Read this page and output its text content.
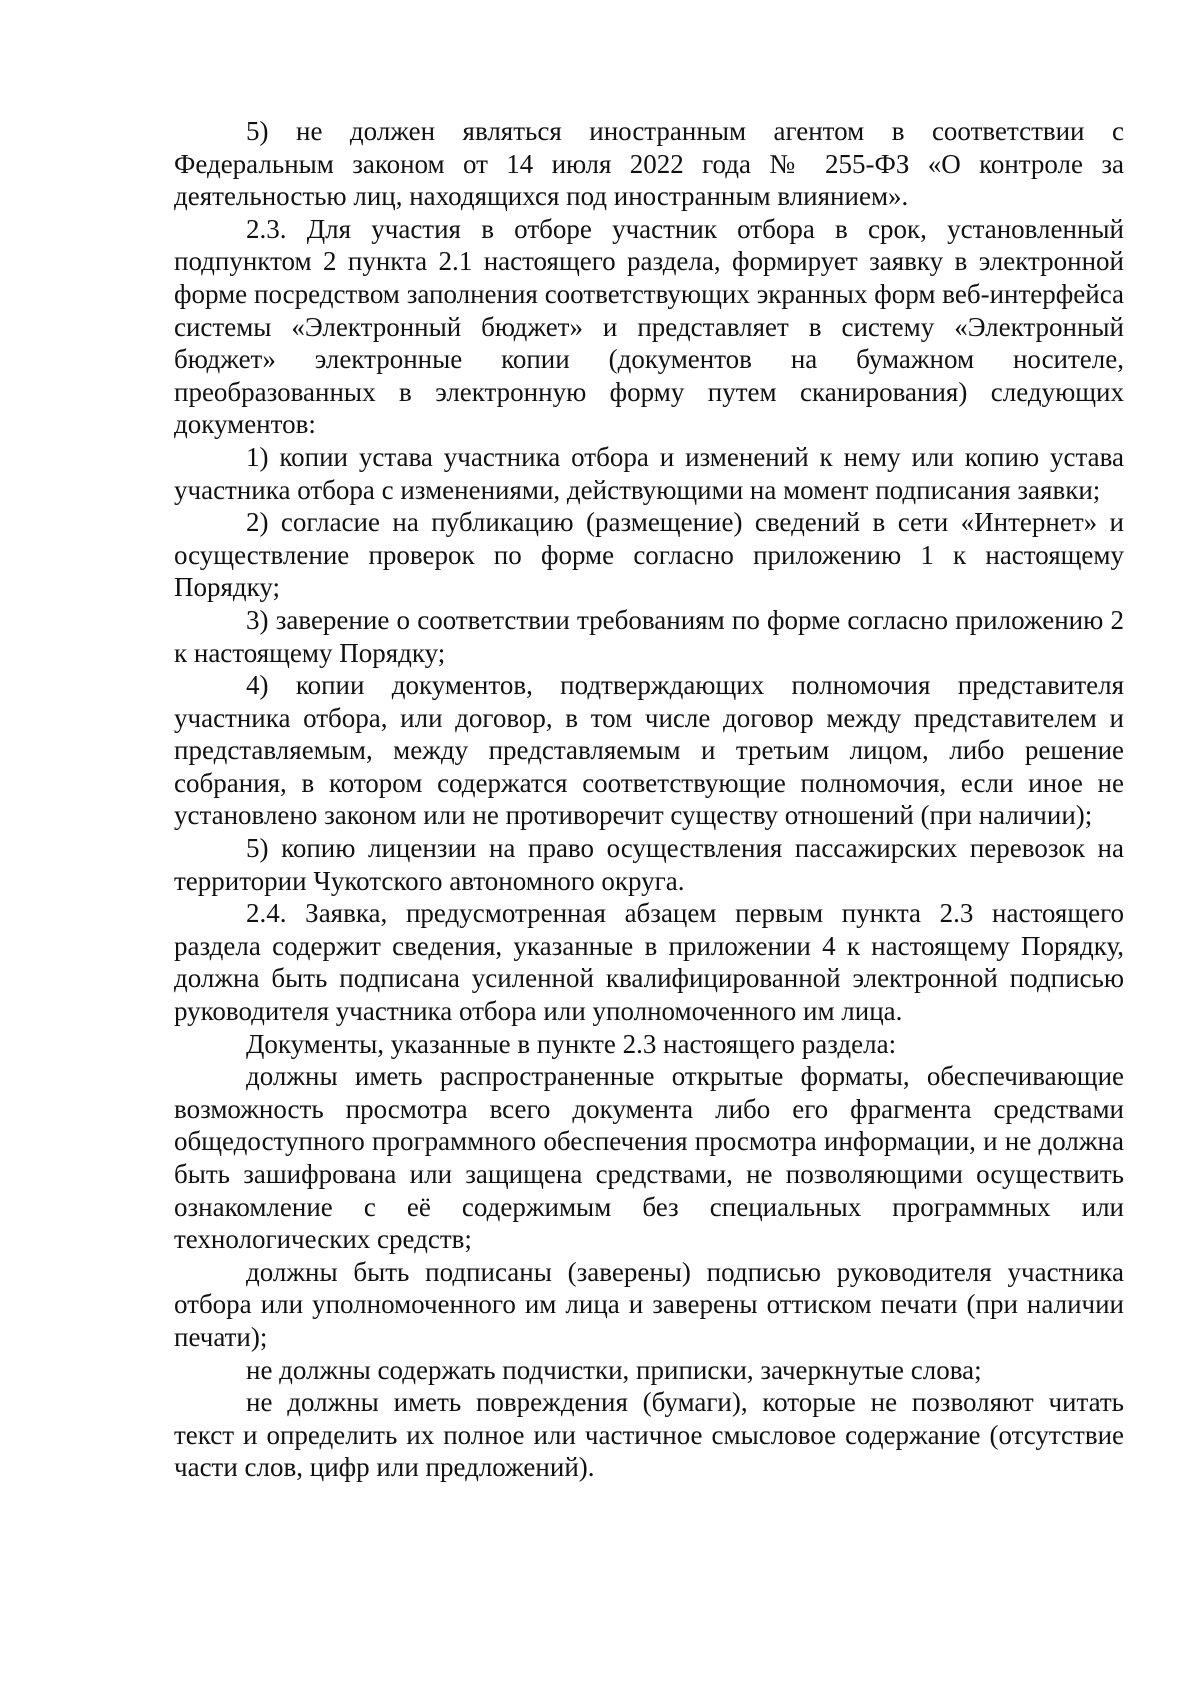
5) не должен являться иностранным агентом в соответствии с Федеральным законом от 14 июля 2022 года № 255-ФЗ «О контроле за деятельностью лиц, находящихся под иностранным влиянием».

2.3. Для участия в отборе участник отбора в срок, установленный подпунктом 2 пункта 2.1 настоящего раздела, формирует заявку в электронной форме посредством заполнения соответствующих экранных форм веб-интерфейса системы «Электронный бюджет» и представляет в систему «Электронный бюджет» электронные копии (документов на бумажном носителе, преобразованных в электронную форму путем сканирования) следующих документов:

1) копии устава участника отбора и изменений к нему или копию устава участника отбора с изменениями, действующими на момент подписания заявки;

2) согласие на публикацию (размещение) сведений в сети «Интернет» и осуществление проверок по форме согласно приложению 1 к настоящему Порядку;

3) заверение о соответствии требованиям по форме согласно приложению 2 к настоящему Порядку;

4) копии документов, подтверждающих полномочия представителя участника отбора, или договор, в том числе договор между представителем и представляемым, между представляемым и третьим лицом, либо решение собрания, в котором содержатся соответствующие полномочия, если иное не установлено законом или не противоречит существу отношений (при наличии);

5) копию лицензии на право осуществления пассажирских перевозок на территории Чукотского автономного округа.

2.4. Заявка, предусмотренная абзацем первым пункта 2.3 настоящего раздела содержит сведения, указанные в приложении 4 к настоящему Порядку, должна быть подписана усиленной квалифицированной электронной подписью руководителя участника отбора или уполномоченного им лица.

Документы, указанные в пункте 2.3 настоящего раздела:

должны иметь распространенные открытые форматы, обеспечивающие возможность просмотра всего документа либо его фрагмента средствами общедоступного программного обеспечения просмотра информации, и не должна быть зашифрована или защищена средствами, не позволяющими осуществить ознакомление с её содержимым без специальных программных или технологических средств;

должны быть подписаны (заверены) подписью руководителя участника отбора или уполномоченного им лица и заверены оттиском печати (при наличии печати);

не должны содержать подчистки, приписки, зачеркнутые слова;

не должны иметь повреждения (бумаги), которые не позволяют читать текст и определить их полное или частичное смысловое содержание (отсутствие части слов, цифр или предложений).
